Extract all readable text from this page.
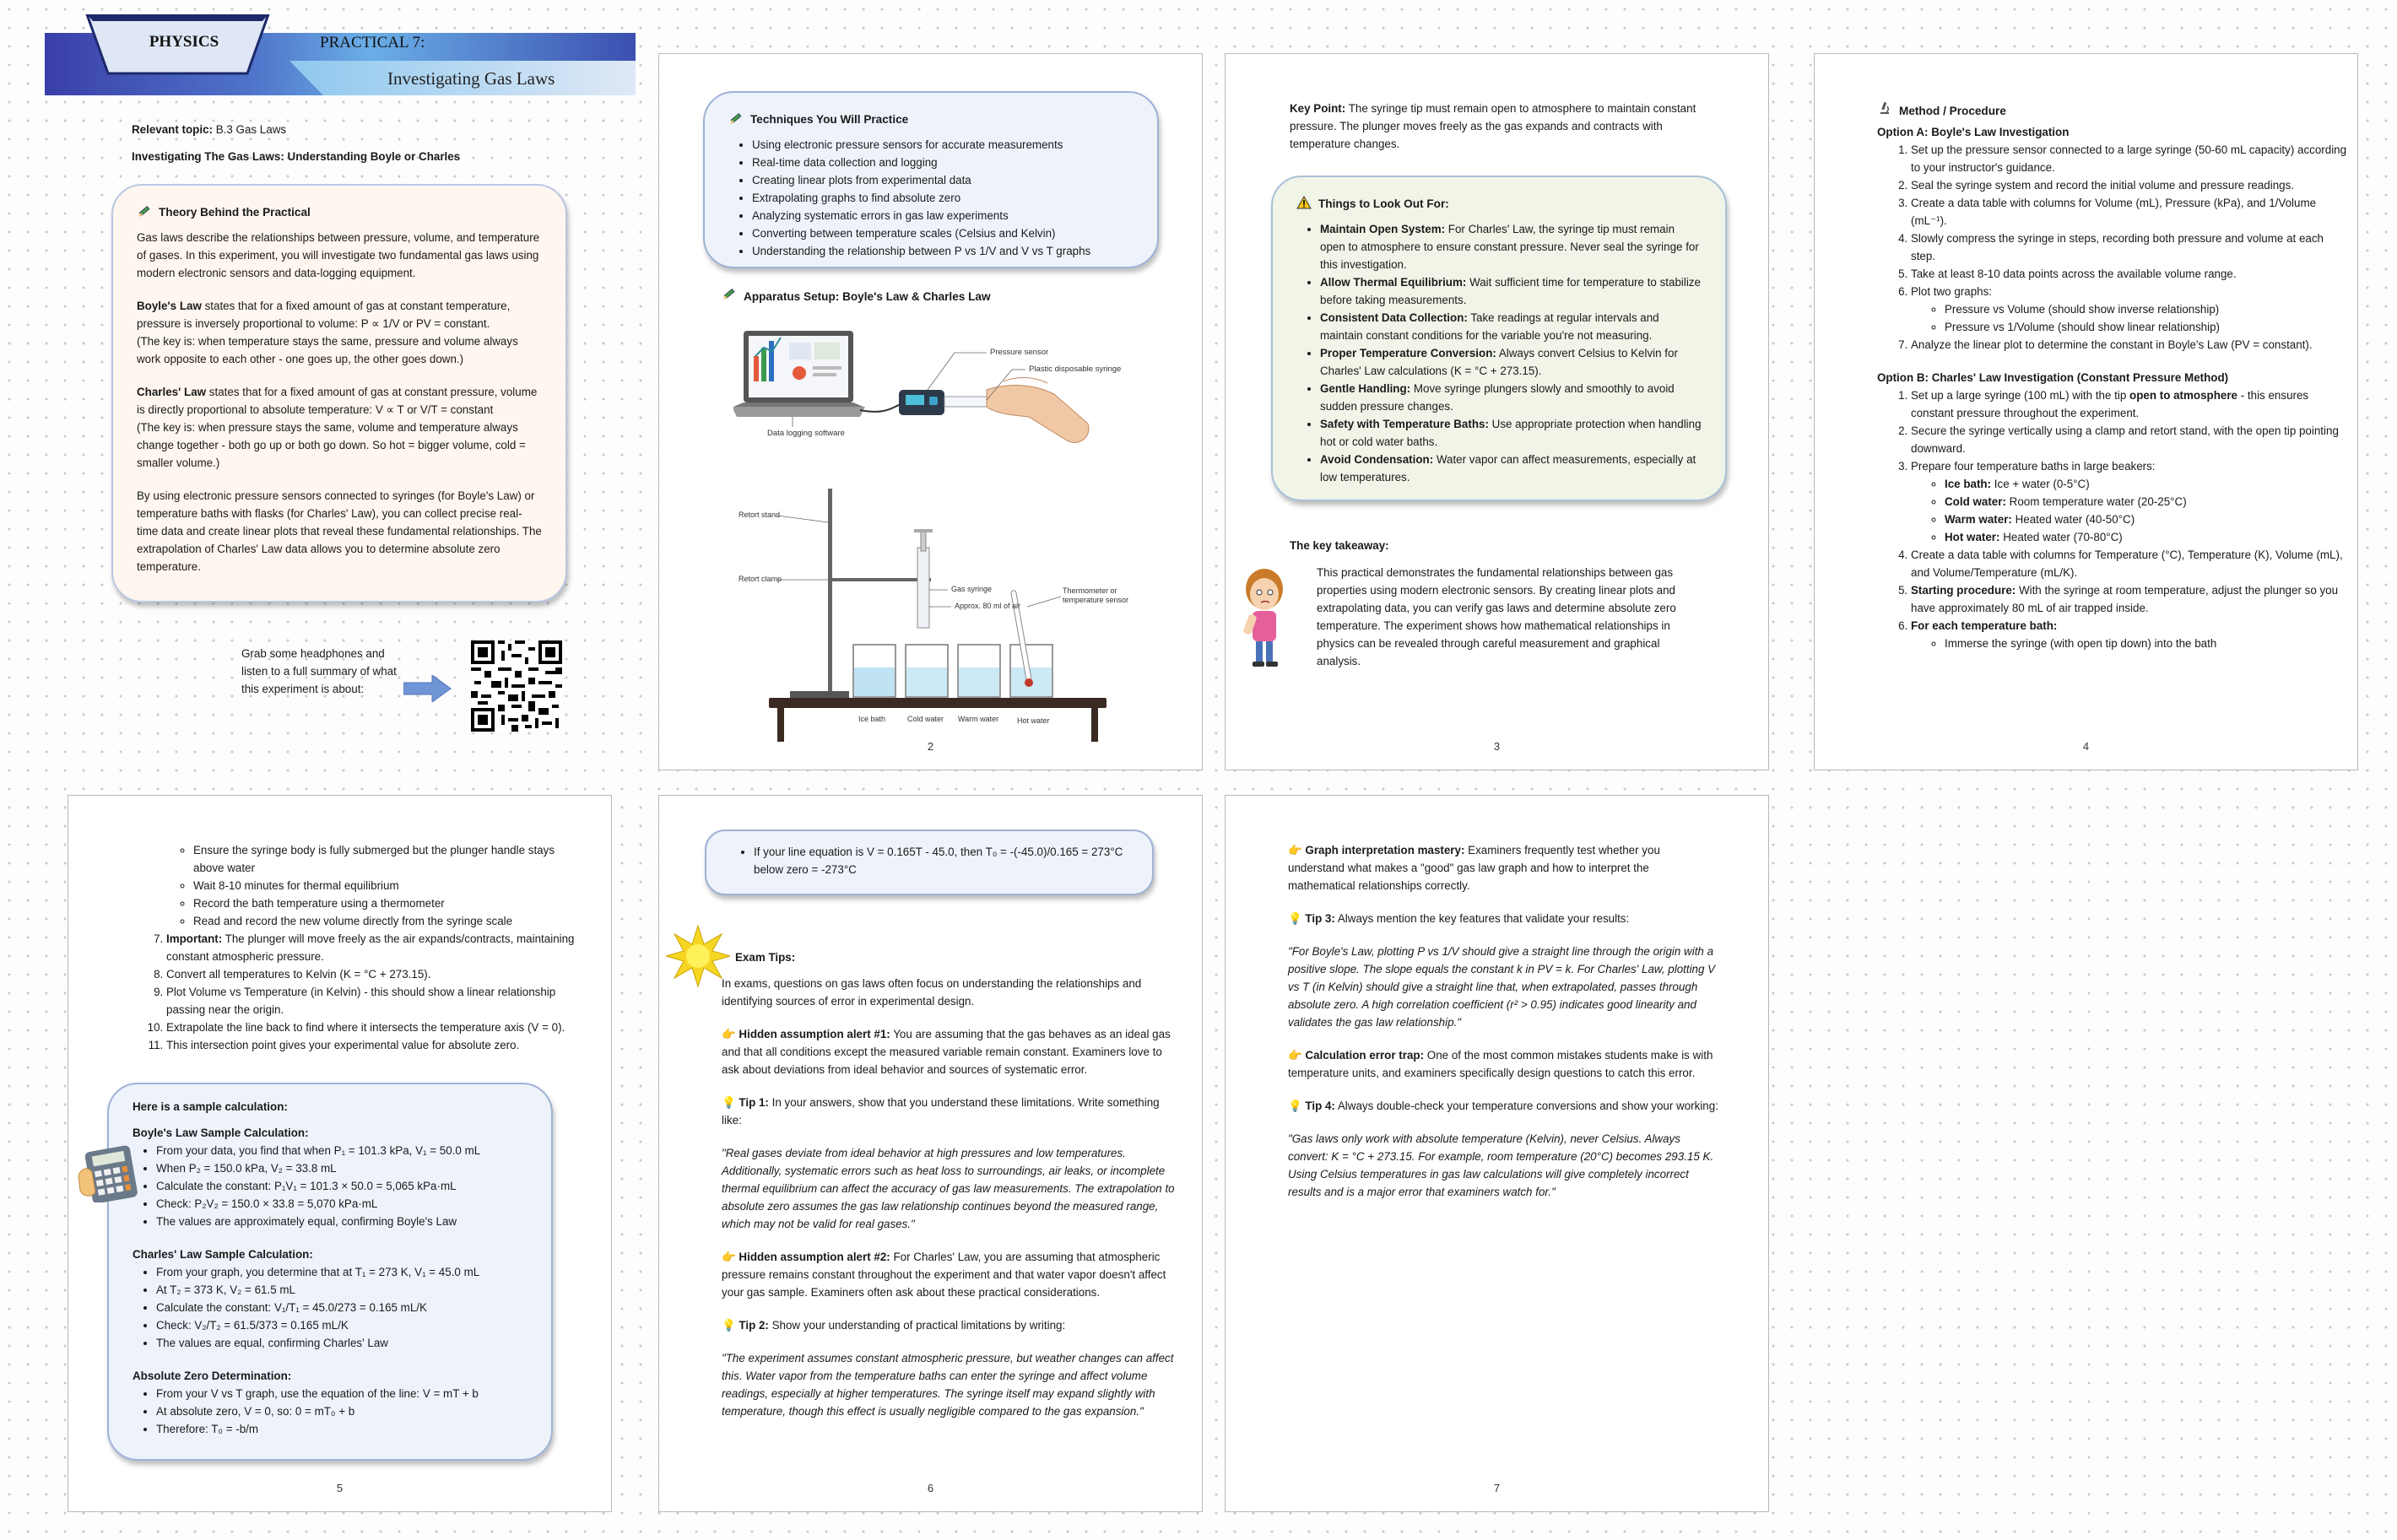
PHYSICS	PRACTICAL 7:
Investigating Gas Laws
Relevant topic: B.3 Gas Laws
Investigating The Gas Laws: Understanding Boyle or Charles
Theory Behind the Practical

Gas laws describe the relationships between pressure, volume, and temperature of gases. In this experiment, you will investigate two fundamental gas laws using modern electronic sensors and data-logging equipment.

Boyle's Law states that for a fixed amount of gas at constant temperature, pressure is inversely proportional to volume: P ∝ 1/V or PV = constant.

(The key is: when temperature stays the same, pressure and volume always work opposite to each other - one goes up, the other goes down.)

Charles' Law states that for a fixed amount of gas at constant pressure, volume is directly proportional to absolute temperature: V ∝ T or V/T = constant

(The key is: when pressure stays the same, volume and temperature always change together - both go up or both go down. So hot = bigger volume, cold = smaller volume.)

By using electronic pressure sensors connected to syringes (for Boyle's Law) or temperature baths with flasks (for Charles' Law), you can collect precise real-time data and create linear plots that reveal these fundamental relationships. The extrapolation of Charles' Law data allows you to determine absolute zero temperature.

Grab some headphones and listen to a full summary of what this experiment is about:
Techniques You Will Practice
• Using electronic pressure sensors for accurate measurements
• Real-time data collection and logging
• Creating linear plots from experimental data
• Extrapolating graphs to find absolute zero
• Analyzing systematic errors in gas law experiments
• Converting between temperature scales (Celsius and Kelvin)
• Understanding the relationship between P vs 1/V and V vs T graphs
Apparatus Setup: Boyle's Law & Charles Law
Pressure sensor
Plastic disposable syringe
Data logging software
Retort stand
Retort clamp
Gas syringe
Approx. 80 ml of air
Thermometer or temperature sensor
Ice bath	Cold water Warm water Hot water
2
Key Point: The syringe tip must remain open to atmosphere to maintain constant pressure. The plunger moves freely as the gas expands and contracts with temperature changes.
Things to Look Out For:
• Maintain Open System: For Charles' Law, the syringe tip must remain open to atmosphere to ensure constant pressure. Never seal the syringe for this investigation.
• Allow Thermal Equilibrium: Wait sufficient time for temperature to stabilize before taking measurements.
• Consistent Data Collection: Take readings at regular intervals and maintain constant conditions for the variable you're not measuring.
• Proper Temperature Conversion: Always convert Celsius to Kelvin for Charles' Law calculations (K = °C + 273.15).
• Gentle Handling: Move syringe plungers slowly and smoothly to avoid sudden pressure changes.
• Safety with Temperature Baths: Use appropriate protection when handling hot or cold water baths.
• Avoid Condensation: Water vapor can affect measurements, especially at low temperatures.
The key takeaway:
This practical demonstrates the fundamental relationships between gas properties using modern electronic sensors. By creating linear plots and extrapolating data, you can verify gas laws and determine absolute zero temperature. The experiment shows how mathematical relationships in physics can be revealed through careful measurement and graphical analysis.
3
Method / Procedure
Option A: Boyle's Law Investigation
1. Set up the pressure sensor connected to a large syringe (50-60 mL capacity) according to your instructor's guidance.
2. Seal the syringe system and record the initial volume and pressure readings.
3. Create a data table with columns for Volume (mL), Pressure (kPa), and 1/Volume (mL⁻¹).
4. Slowly compress the syringe in steps, recording both pressure and volume at each step.
5. Take at least 8-10 data points across the available volume range.
6. Plot two graphs:
◦ Pressure vs Volume (should show inverse relationship)
◦ Pressure vs 1/Volume (should show linear relationship)
7. Analyze the linear plot to determine the constant in Boyle's Law (PV = constant).
Option B: Charles' Law Investigation (Constant Pressure Method)
1. Set up a large syringe (100 mL) with the tip open to atmosphere - this ensures constant pressure throughout the experiment.
2. Secure the syringe vertically using a clamp and retort stand, with the open tip pointing downward.
3. Prepare four temperature baths in large beakers:
◦ Ice bath: Ice + water (0-5°C)
◦ Cold water: Room temperature water (20-25°C)
◦ Warm water: Heated water (40-50°C)
◦ Hot water: Heated water (70-80°C)
4. Create a data table with columns for Temperature (°C), Temperature (K), Volume (mL), and Volume/Temperature (mL/K).
5. Starting procedure: With the syringe at room temperature, adjust the plunger so you have approximately 80 mL of air trapped inside.
6. For each temperature bath:
◦ Immerse the syringe (with open tip down) into the bath
4
◦ Ensure the syringe body is fully submerged but the plunger handle stays above water
◦ Wait 8-10 minutes for thermal equilibrium
◦ Record the bath temperature using a thermometer
◦ Read and record the new volume directly from the syringe scale
7. Important: The plunger will move freely as the air expands/contracts, maintaining constant atmospheric pressure.
8. Convert all temperatures to Kelvin (K = °C + 273.15).
9. Plot Volume vs Temperature (in Kelvin) - this should show a linear relationship passing near the origin.
10. Extrapolate the line back to find where it intersects the temperature axis (V = 0).
11. This intersection point gives your experimental value for absolute zero.
Here is a sample calculation:
Boyle's Law Sample Calculation:
• From your data, you find that when P₁ = 101.3 kPa, V₁ = 50.0 mL
• When P₂ = 150.0 kPa, V₂ = 33.8 mL
• Calculate the constant: P₁V₁ = 101.3 × 50.0 = 5,065 kPa·mL
• Check: P₂V₂ = 150.0 × 33.8 = 5,070 kPa·mL
• The values are approximately equal, confirming Boyle's Law
Charles' Law Sample Calculation:
• From your graph, you determine that at T₁ = 273 K, V₁ = 45.0 mL
• At T₂ = 373 K, V₂ = 61.5 mL
• Calculate the constant: V₁/T₁ = 45.0/273 = 0.165 mL/K
• Check: V₂/T₂ = 61.5/373 = 0.165 mL/K
• The values are equal, confirming Charles' Law
Absolute Zero Determination:
• From your V vs T graph, use the equation of the line: V = mT + b
• At absolute zero, V = 0, so: 0 = mT₀ + b
• Therefore: T₀ = -b/m
5
• If your line equation is V = 0.165T - 45.0, then T₀ = -(-45.0)/0.165 = 273°C below zero = -273°C
Exam Tips:

In exams, questions on gas laws often focus on understanding the relationships and identifying sources of error in experimental design.

👉 Hidden assumption alert #1: You are assuming that the gas behaves as an ideal gas and that all conditions except the measured variable remain constant. Examiners love to ask about deviations from ideal behavior and sources of systematic error.

💡 Tip 1: In your answers, show that you understand these limitations. Write something like:

"Real gases deviate from ideal behavior at high pressures and low temperatures. Additionally, systematic errors such as heat loss to surroundings, air leaks, or incomplete thermal equilibrium can affect the accuracy of gas law measurements. The extrapolation to absolute zero assumes the gas law relationship continues beyond the measured range, which may not be valid for real gases."

👉 Hidden assumption alert #2: For Charles' Law, you are assuming that atmospheric pressure remains constant throughout the experiment and that water vapor doesn't affect your gas sample. Examiners often ask about these practical considerations.

💡 Tip 2: Show your understanding of practical limitations by writing:

"The experiment assumes constant atmospheric pressure, but weather changes can affect this. Water vapor from the temperature baths can enter the syringe and affect volume readings, especially at higher temperatures. The syringe itself may expand slightly with temperature, though this effect is usually negligible compared to the gas expansion."

6

👉 Graph interpretation mastery: Examiners frequently test whether you understand what makes a "good" gas law graph and how to interpret the mathematical relationships correctly.

💡 Tip 3: Always mention the key features that validate your results:

"For Boyle's Law, plotting P vs 1/V should give a straight line through the origin with a positive slope. The slope equals the constant k in PV = k. For Charles' Law, plotting V vs T (in Kelvin) should give a straight line that, when extrapolated, passes through absolute zero. A high correlation coefficient (r² > 0.95) indicates good linearity and validates the gas law relationship."

👉 Calculation error trap: One of the most common mistakes students make is with temperature units, and examiners specifically design questions to catch this error.

💡 Tip 4: Always double-check your temperature conversions and show your working:

"Gas laws only work with absolute temperature (Kelvin), never Celsius. Always convert: K = °C + 273.15. For example, room temperature (20°C) becomes 293.15 K. Using Celsius temperatures in gas law calculations will give completely incorrect results and is a major error that examiners watch for."

7
